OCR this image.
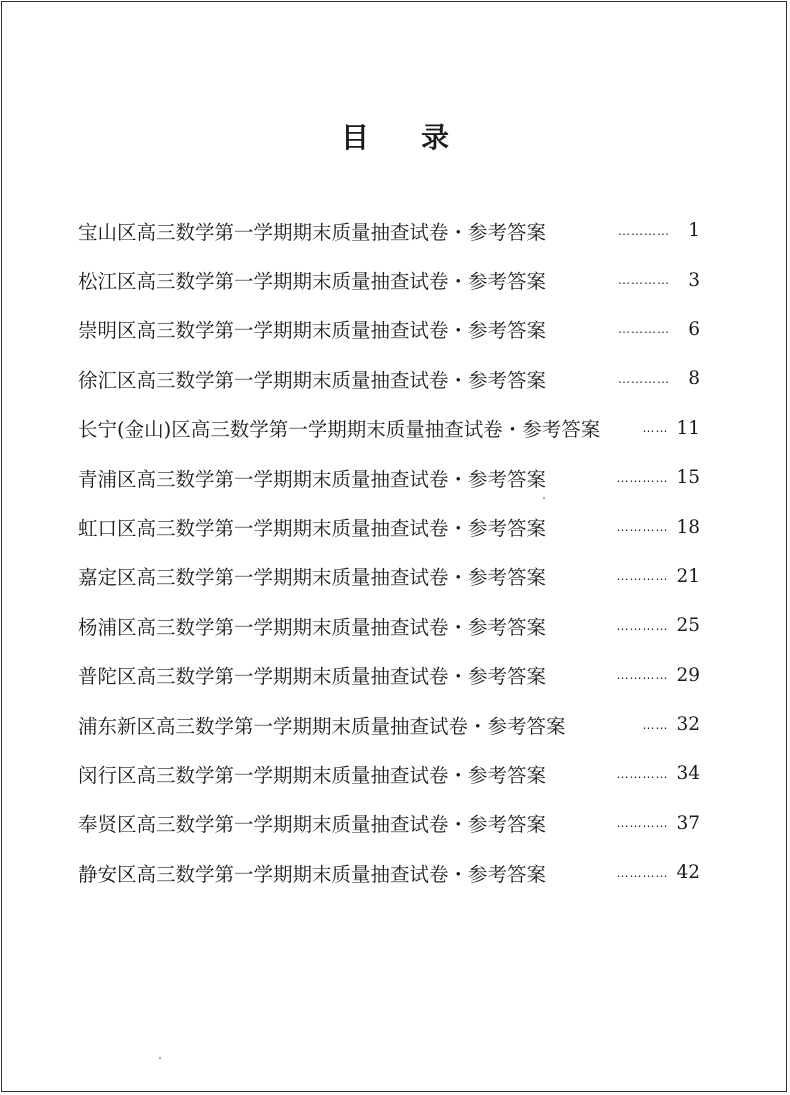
目录
宝山区高三数学第一学期期末质量抽查试卷・参考答案	………… 1
松江区高三数学第一学期期末质量抽查试卷・参考答案	………… 3
崇明区高三数学第一学期期末质量抽查试卷・参考答案	………… 6
徐汇区高三数学第一学期期末质量抽查试卷・参考答案	………… 8
长宁(金山)区高三数学第一学期期末质量抽查试卷・参考答案	…… 11
青浦区高三数学第一学期期末质量抽查试卷・参考答案	………… 15
虹口区高三数学第一学期期末质量抽查试卷・参考答案	………… 18
嘉定区高三数学第一学期期末质量抽查试卷・参考答案	………… 21
杨浦区高三数学第一学期期末质量抽查试卷・参考答案	………… 25
普陀区高三数学第一学期期末质量抽查试卷・参考答案	………… 29
浦东新区高三数学第一学期期末质量抽查试卷・参考答案	…… 32
闵行区高三数学第一学期期末质量抽查试卷・参考答案	………… 34
奉贤区高三数学第一学期期末质量抽查试卷・参考答案	………… 37
静安区高三数学第一学期期末质量抽查试卷・参考答案	………… 42
